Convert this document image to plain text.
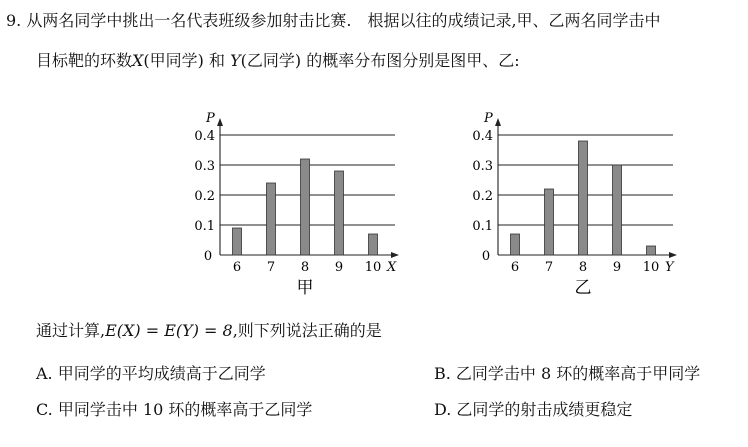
9. 从两名同学中挑出一名代表班级参加射击比赛.　根据以往的成绩记录,甲、乙两名同学击中
目标靶的环数X(甲同学) 和 Y(乙同学) 的概率分布图分别是图甲、乙:
0.1
0.2
0.3
0.4
P
0
6 7 8 9 10 X
甲
0.1
0.2
0.3
0.4
P
0
6 7 8 9 10 Y
乙
通过计算,E(X) = E(Y) = 8,则下列说法正确的是
A. 甲同学的平均成绩高于乙同学	B. 乙同学击中 8 环的概率高于甲同学
C. 甲同学击中 10 环的概率高于乙同学	D. 乙同学的射击成绩更稳定
